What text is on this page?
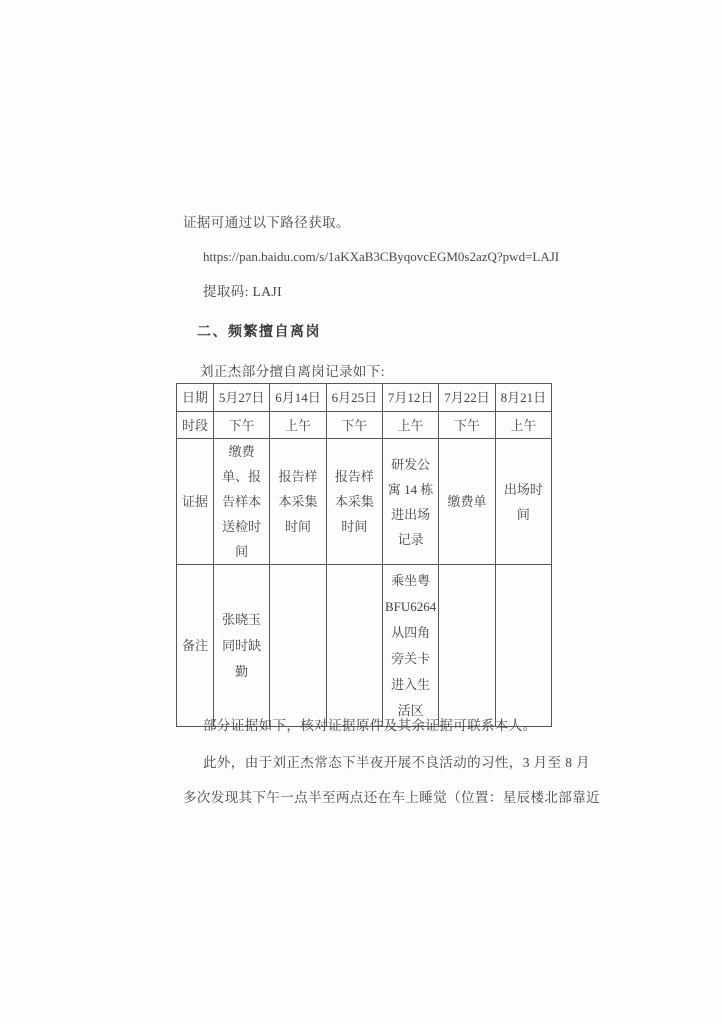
证据可通过以下路径获取。
https://pan.baidu.com/s/1aKXaB3CByqovcEGM0s2azQ?pwd=LAJI
提取码: LAJI
二、频繁擅自离岗
刘正杰部分擅自离岗记录如下:
日期	5月27日	6月14日	6月25日	7月12日	7月22日	8月21日
时段	下午	上午	下午	上午	下午	上午
证据	缴费单、报告样本送检时间	报告样本采集时间	报告样本采集时间	研发公寓 14 栋进出场记录	缴费单	出场时间
备注	张晓玉同时缺勤			乘坐粤BFU6264从四角旁关卡进入生活区		
部分证据如下，核对证据原件及其余证据可联系本人。
此外，由于刘正杰常态下半夜开展不良活动的习性，3 月至 8 月
多次发现其下午一点半至两点还在车上睡觉（位置：星辰楼北部靠近
